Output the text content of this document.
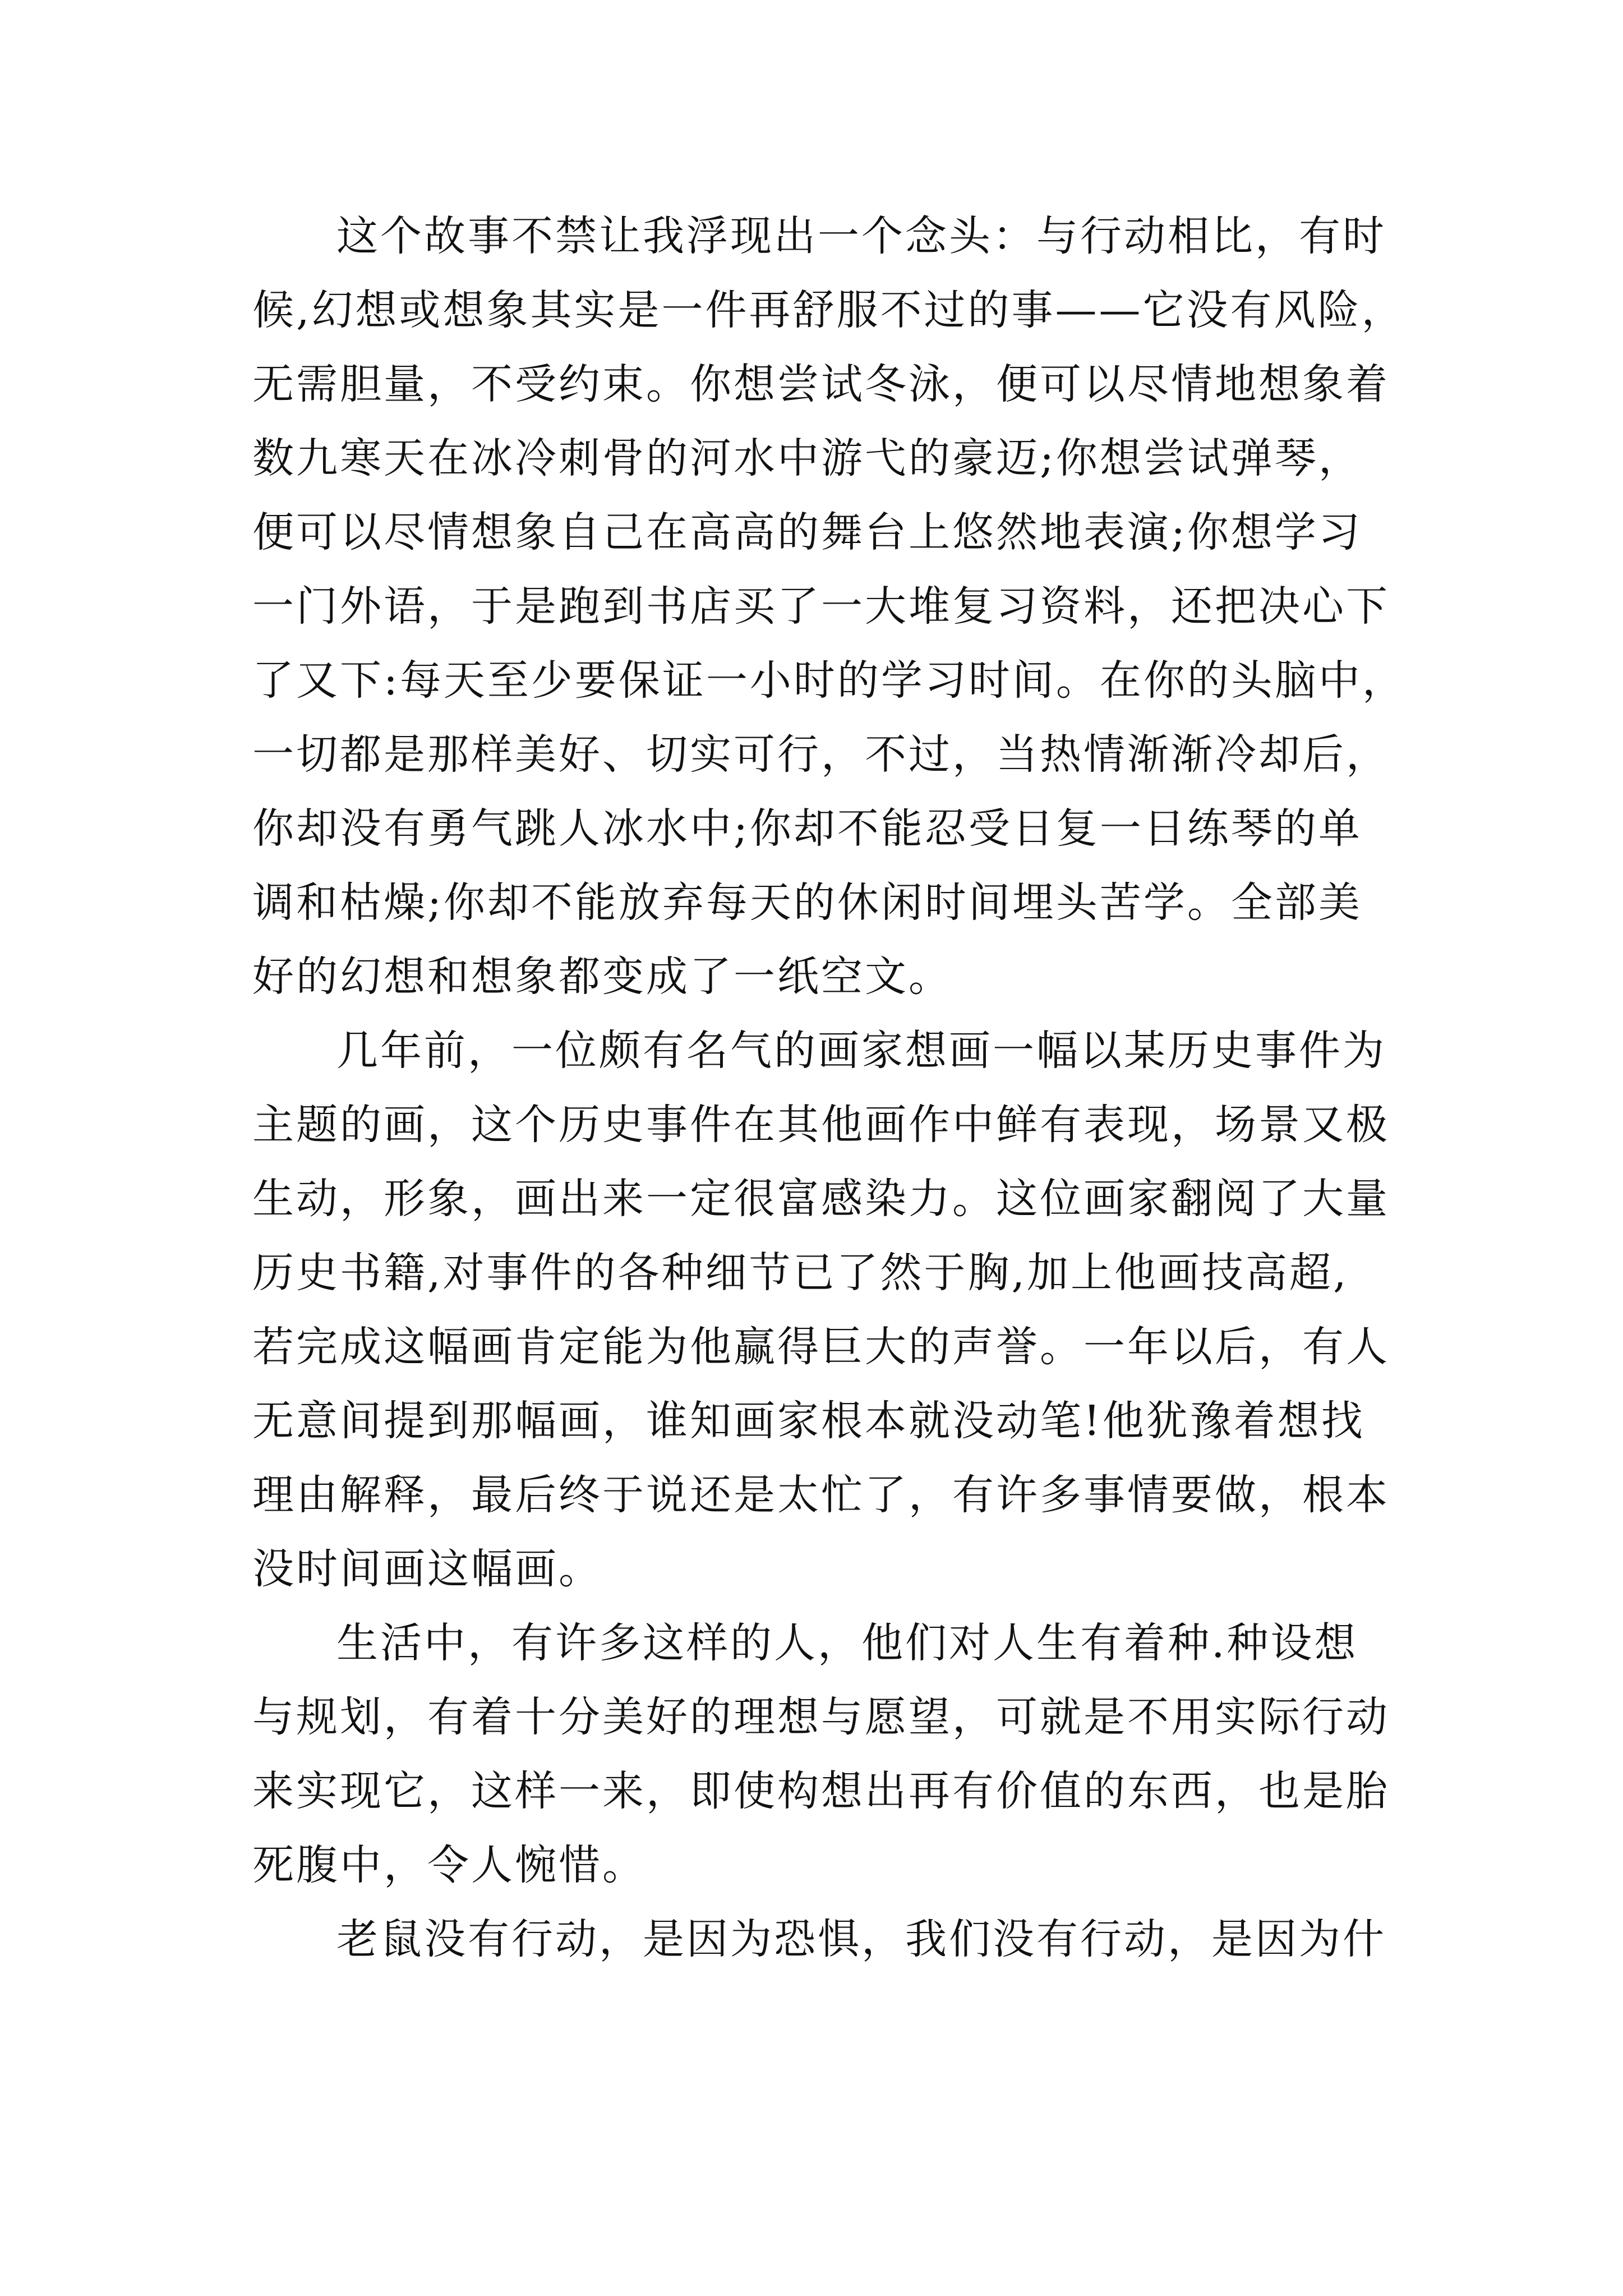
这个故事不禁让我浮现出一个念头：与行动相比，有时
候,幻想或想象其实是一件再舒服不过的事——它没有风险，
无需胆量，不受约束。你想尝试冬泳，便可以尽情地想象着
数九寒天在冰冷刺骨的河水中游弋的豪迈;你想尝试弹琴，
便可以尽情想象自己在高高的舞台上悠然地表演;你想学习
一门外语，于是跑到书店买了一大堆复习资料，还把决心下
了又下:每天至少要保证一小时的学习时间。在你的头脑中，
一切都是那样美好、切实可行，不过，当热情渐渐冷却后，
你却没有勇气跳人冰水中;你却不能忍受日复一日练琴的单
调和枯燥;你却不能放弃每天的休闲时间埋头苦学。全部美
好的幻想和想象都变成了一纸空文。
几年前，一位颇有名气的画家想画一幅以某历史事件为
主题的画，这个历史事件在其他画作中鲜有表现，场景又极
生动，形象，画出来一定很富感染力。这位画家翻阅了大量
历史书籍,对事件的各种细节已了然于胸,加上他画技高超,
若完成这幅画肯定能为他赢得巨大的声誉。一年以后，有人
无意间提到那幅画，谁知画家根本就没动笔!他犹豫着想找
理由解释，最后终于说还是太忙了，有许多事情要做，根本
没时间画这幅画。
生活中，有许多这样的人，他们对人生有着种.种设想
与规划，有着十分美好的理想与愿望，可就是不用实际行动
来实现它，这样一来，即使构想出再有价值的东西，也是胎
死腹中，令人惋惜。
老鼠没有行动，是因为恐惧，我们没有行动，是因为什
